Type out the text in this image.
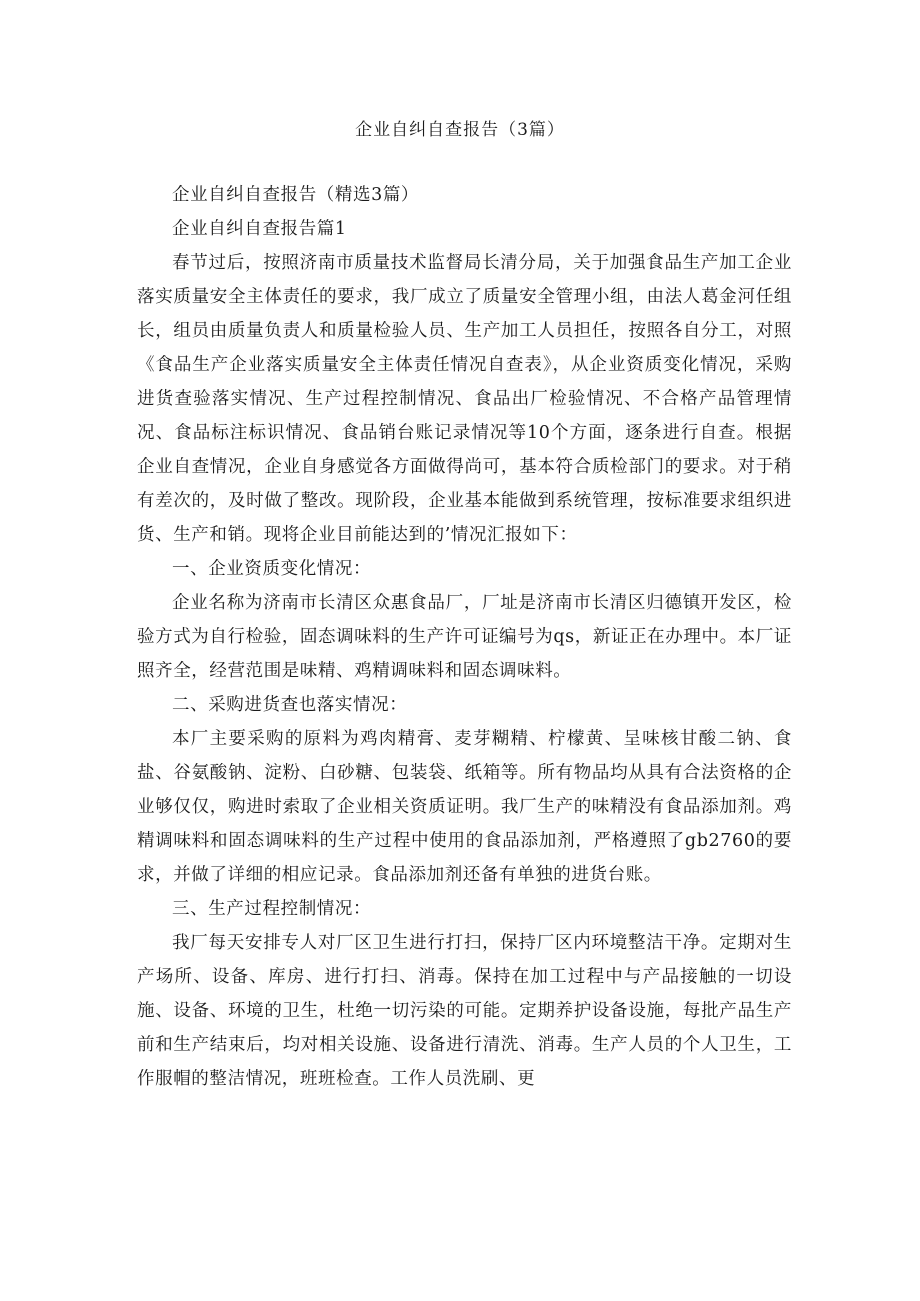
企业自纠自查报告（3篇）

企业自纠自查报告（精选3篇）

企业自纠自查报告篇1

春节过后，按照济南市质量技术监督局长清分局，关于加强食品生产加工企业落实质量安全主体责任的要求，我厂成立了质量安全管理小组，由法人葛金河任组长，组员由质量负责人和质量检验人员、生产加工人员担任，按照各自分工，对照《食品生产企业落实质量安全主体责任情况自查表》，从企业资质变化情况，采购进货查验落实情况、生产过程控制情况、食品出厂检验情况、不合格产品管理情况、食品标注标识情况、食品销台账记录情况等10个方面，逐条进行自查。根据企业自查情况，企业自身感觉各方面做得尚可，基本符合质检部门的要求。对于稍有差次的，及时做了整改。现阶段，企业基本能做到系统管理，按标准要求组织进货、生产和销。现将企业目前能达到的’情况汇报如下：

一、企业资质变化情况：

企业名称为济南市长清区众惠食品厂，厂址是济南市长清区归德镇开发区，检验方式为自行检验，固态调味料的生产许可证编号为qs，新证正在办理中。本厂证照齐全，经营范围是味精、鸡精调味料和固态调味料。

二、采购进货查也落实情况：

本厂主要采购的原料为鸡肉精膏、麦芽糊精、柠檬黄、呈味核甘酸二钠、食盐、谷氨酸钠、淀粉、白砂糖、包装袋、纸箱等。所有物品均从具有合法资格的企业够仅仅，购进时索取了企业相关资质证明。我厂生产的味精没有食品添加剂。鸡精调味料和固态调味料的生产过程中使用的食品添加剂，严格遵照了gb2760的要求，并做了详细的相应记录。食品添加剂还备有单独的进货台账。

三、生产过程控制情况：

我厂每天安排专人对厂区卫生进行打扫，保持厂区内环境整洁干净。定期对生产场所、设备、库房、进行打扫、消毒。保持在加工过程中与产品接触的一切设施、设备、环境的卫生，杜绝一切污染的可能。定期养护设备设施，每批产品生产前和生产结束后，均对相关设施、设备进行清洗、消毒。生产人员的个人卫生，工作服帽的整洁情况，班班检查。工作人员洗刷、更
